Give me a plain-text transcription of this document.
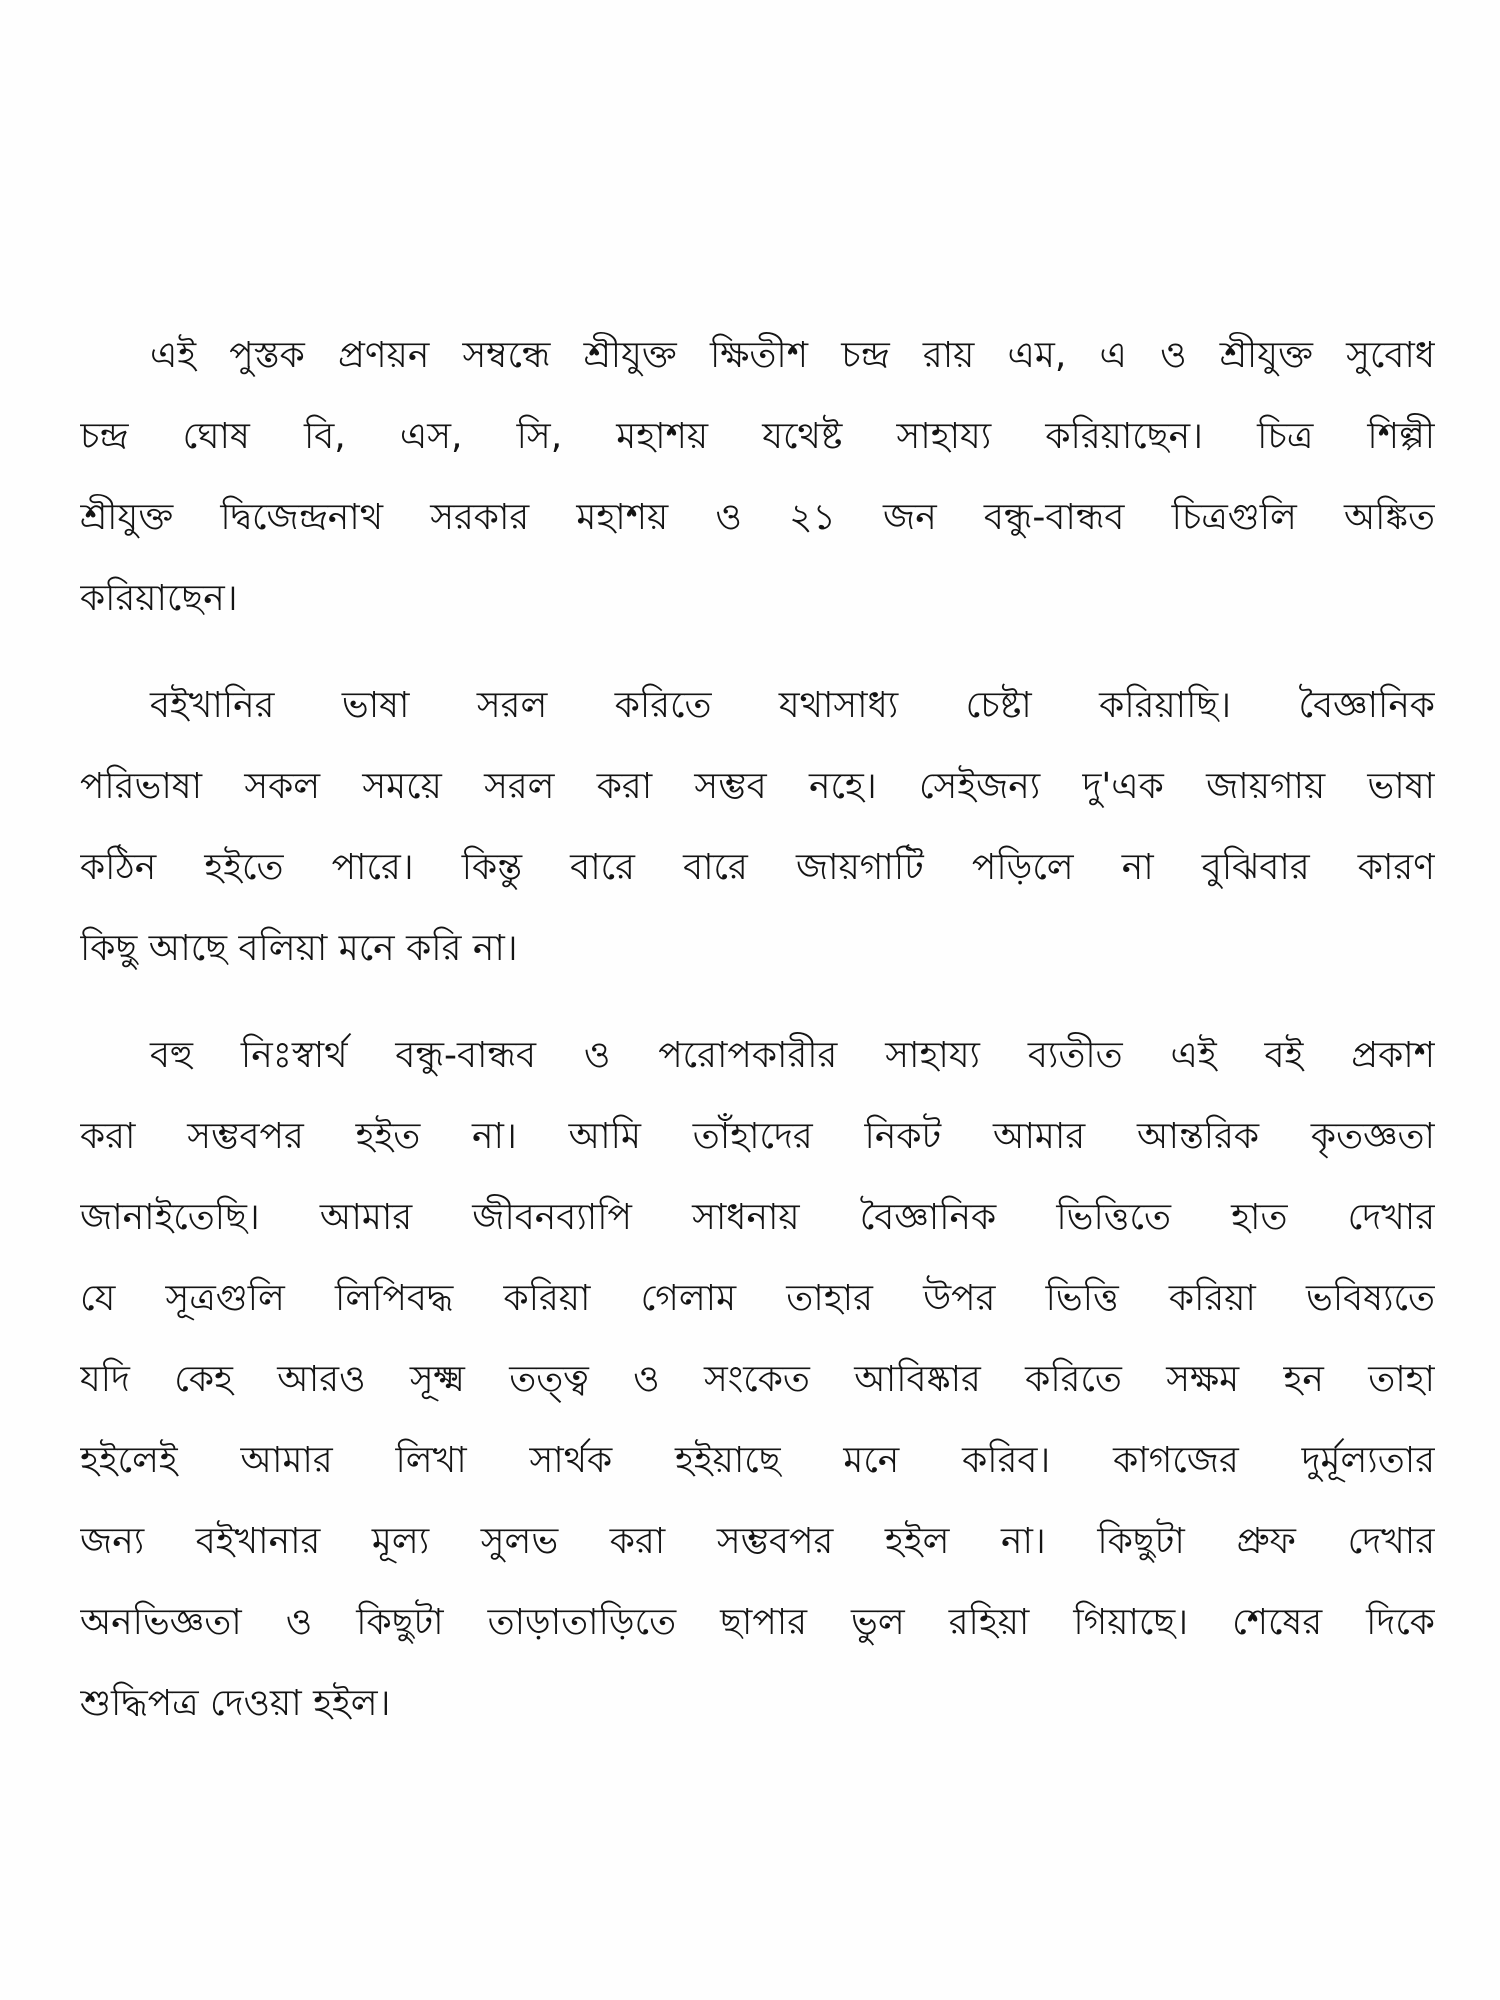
এই পুস্তক প্রণয়ন সম্বন্ধে শ্রীযুক্ত ক্ষিতীশ চন্দ্র রায় এম, এ ও শ্রীযুক্ত সুবোধ
চন্দ্র ঘোষ বি, এস, সি, মহাশয় যথেষ্ট সাহায্য করিয়াছেন। চিত্র শিল্পী
শ্রীযুক্ত দ্বিজেন্দ্রনাথ সরকার মহাশয় ও ২১ জন বন্ধু-বান্ধব চিত্রগুলি অঙ্কিত
করিয়াছেন।

বইখানির ভাষা সরল করিতে যথাসাধ্য চেষ্টা করিয়াছি। বৈজ্ঞানিক
পরিভাষা সকল সময়ে সরল করা সম্ভব নহে। সেইজন্য দু'এক জায়গায় ভাষা
কঠিন হইতে পারে। কিন্তু বারে বারে জায়গাটি পড়িলে না বুঝিবার কারণ
কিছু আছে বলিয়া মনে করি না।

বহু নিঃস্বার্থ বন্ধু-বান্ধব ও পরোপকারীর সাহায্য ব্যতীত এই বই প্রকাশ
করা সম্ভবপর হইত না। আমি তাঁহাদের নিকট আমার আন্তরিক কৃতজ্ঞতা
জানাইতেছি। আমার জীবনব্যাপি সাধনায় বৈজ্ঞানিক ভিত্তিতে হাত দেখার
যে সূত্রগুলি লিপিবদ্ধ করিয়া গেলাম তাহার উপর ভিত্তি করিয়া ভবিষ্যতে
যদি কেহ আরও সূক্ষ্ম তত্ত্ব ও সংকেত আবিষ্কার করিতে সক্ষম হন তাহা
হইলেই আমার লিখা সার্থক হইয়াছে মনে করিব। কাগজের দুর্মূল্যতার
জন্য বইখানার মূল্য সুলভ করা সম্ভবপর হইল না। কিছুটা প্রুফ দেখার
অনভিজ্ঞতা ও কিছুটা তাড়াতাড়িতে ছাপার ভুল রহিয়া গিয়াছে। শেষের দিকে
শুদ্ধিপত্র দেওয়া হইল।
